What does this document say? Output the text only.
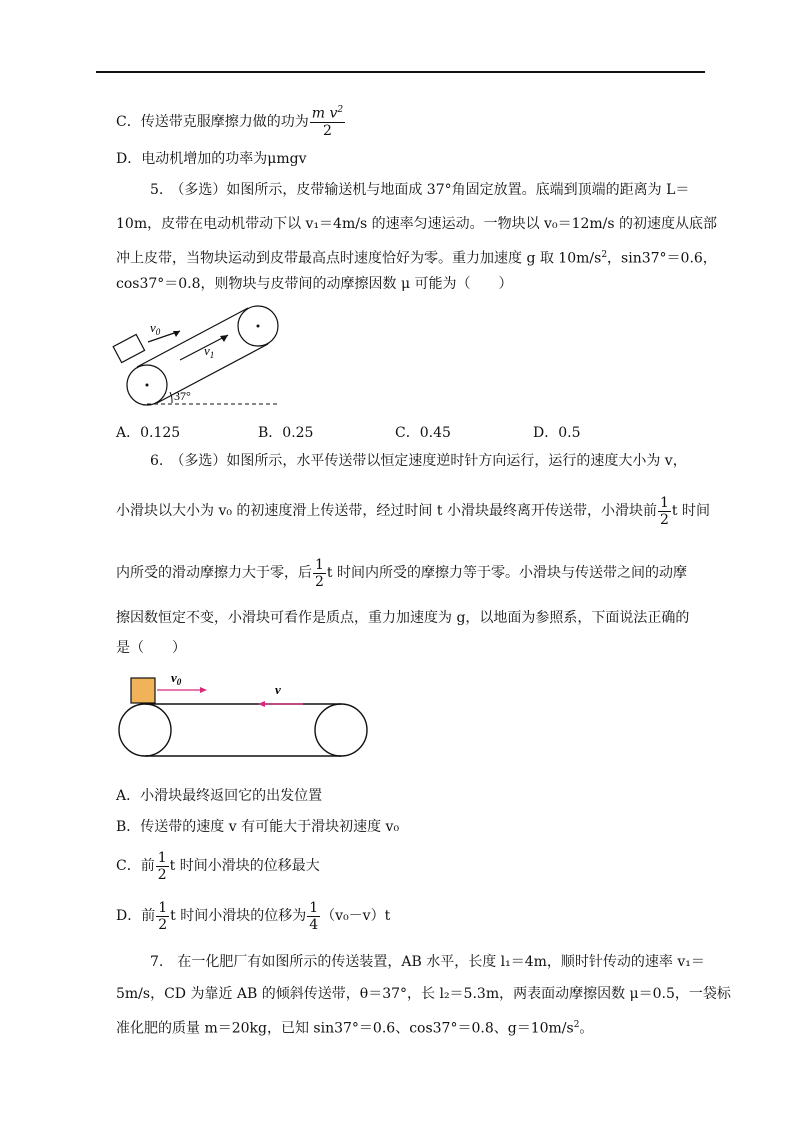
C．传送带克服摩擦力做的功为 $\frac{m v^2}{2}$
D．电动机增加的功率为μmgv
5.　 （多选）如图所示，皮带输送机与地面成 37°角固定放置。底端到顶端的距离为 L＝
10m，皮带在电动机带动下以 v₁＝4m/s 的速率匀速运动。一物块以 v₀＝12m/s 的初速度从底部
冲上皮带，当物块运动到皮带最高点时速度恰好为零。重力加速度 g 取 $10m/s^2$，sin37°＝0.6，
cos37°＝0.8，则物块与皮带间的动摩擦因数 μ 可能为（　　）
$v_0$
$v_1$
37°
A．0.125	B．0.25	C．0.45	D．0.5
6.　 （多选）如图所示，水平传送带以恒定速度逆时针方向运行，运行的速度大小为 v，
小滑块以大小为 v₀ 的初速度滑上传送带，经过时间 t 小滑块最终离开传送带，小滑块前 $\frac{1}{2}$ t 时间
内所受的滑动摩擦力大于零，后 $\frac{1}{2}$ t 时间内所受的摩擦力等于零。小滑块与传送带之间的动摩
擦因数恒定不变，小滑块可看作是质点，重力加速度为 g，以地面为参照系，下面说法正确的
是（　　）
$v_0$	v
A．小滑块最终返回它的出发位置
B．传送带的速度 v 有可能大于滑块初速度 v₀
C．前 $\frac{1}{2}$ t 时间小滑块的位移最大
D．前 $\frac{1}{2}$ t 时间小滑块的位移为 $\frac{1}{4} (v_0-v)t$
7.　 在一化肥厂有如图所示的传送装置，AB 水平，长度 l₁＝4m，顺时针传动的速率 v₁＝
5m/s，CD 为靠近 AB 的倾斜传送带，θ＝37°，长 l₂＝5.3m，两表面动摩擦因数 μ＝0.5，一袋标
准化肥的质量 m＝20kg，已知 sin37°＝0.6、cos37°＝0.8、$g=10m/s^2$。
